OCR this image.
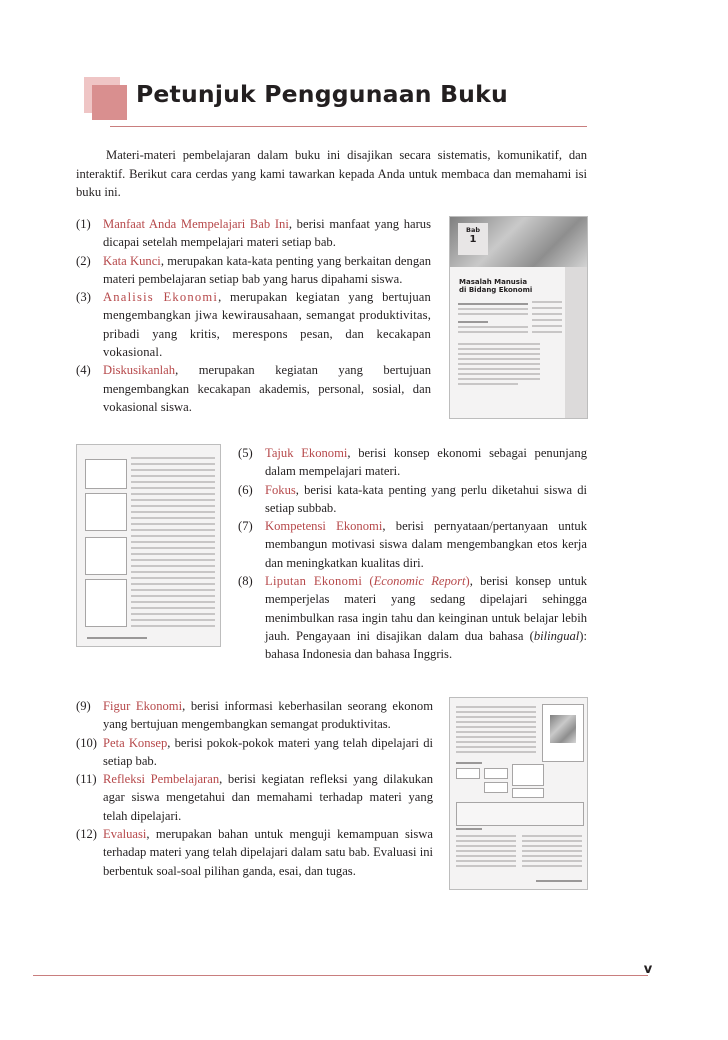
Petunjuk Penggunaan Buku

Materi-materi pembelajaran dalam buku ini disajikan secara sistematis, komunikatif, dan interaktif. Berikut cara cerdas yang kami tawarkan kepada Anda untuk membaca dan memahami isi buku ini.

(1) Manfaat Anda Mempelajari Bab Ini, berisi manfaat yang harus dicapai setelah mempelajari materi setiap bab.
(2) Kata Kunci, merupakan kata-kata penting yang berkaitan dengan materi pembelajaran setiap bab yang harus dipahami siswa.
(3) Analisis Ekonomi, merupakan kegiatan yang bertujuan mengembangkan jiwa kewirausahaan, semangat produktivitas, pribadi yang kritis, merespons pesan, dan kecakapan vokasional.
(4) Diskusikanlah, merupakan kegiatan yang bertujuan mengembangkan kecakapan akademis, personal, sosial, dan vokasional siswa.
Bab
1
Masalah Manusia
di Bidang Ekonomi
(5) Tajuk Ekonomi, berisi konsep ekonomi sebagai penunjang dalam mempelajari materi.
(6) Fokus, berisi kata-kata penting yang perlu diketahui siswa di setiap subbab.
(7) Kompetensi Ekonomi, berisi pernyataan/pertanyaan untuk membangun motivasi siswa dalam mengembangkan etos kerja dan meningkatkan kualitas diri.
(8) Liputan Ekonomi (Economic Report), berisi konsep untuk memperjelas materi yang sedang dipelajari sehingga menimbulkan rasa ingin tahu dan keinginan untuk belajar lebih jauh. Pengayaan ini disajikan dalam dua bahasa (bilingual): bahasa Indonesia dan bahasa Inggris.
(9) Figur Ekonomi, berisi informasi keberhasilan seorang ekonom yang bertujuan mengembangkan semangat produktivitas.
(10) Peta Konsep, berisi pokok-pokok materi yang telah dipelajari di setiap bab.
(11) Refleksi Pembelajaran, berisi kegiatan refleksi yang dilakukan agar siswa mengetahui dan memahami terhadap materi yang telah dipelajari.
(12) Evaluasi, merupakan bahan untuk menguji kemampuan siswa terhadap materi yang telah dipelajari dalam satu bab. Evaluasi ini berbentuk soal-soal pilihan ganda, esai, dan tugas.
v
